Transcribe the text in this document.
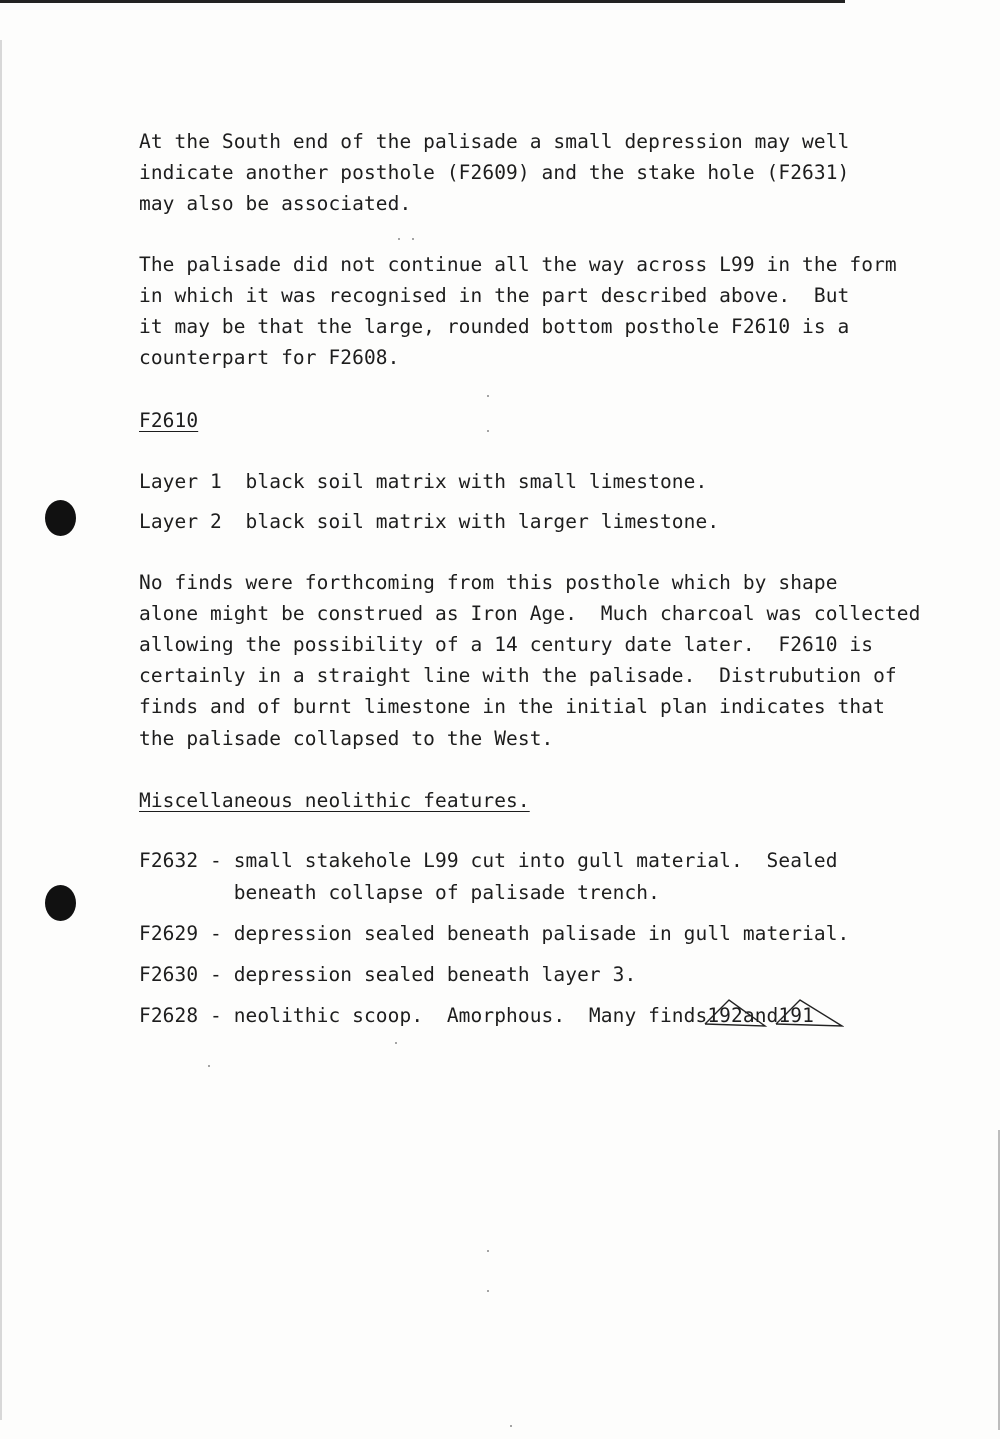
At the South end of the palisade a small depression may well
indicate another posthole (F2609) and the stake hole (F2631)
may also be associated.
The palisade did not continue all the way across L99 in the form
in which it was recognised in the part described above.  But
it may be that the large, rounded bottom posthole F2610 is a
counterpart for F2608.
F2610
Layer 1  black soil matrix with small limestone.
Layer 2  black soil matrix with larger limestone.
No finds were forthcoming from this posthole which by shape
alone might be construed as Iron Age.  Much charcoal was collected
allowing the possibility of a 14 century date later.  F2610 is
certainly in a straight line with the palisade.  Distrubution of
finds and of burnt limestone in the initial plan indicates that
the palisade collapsed to the West.
Miscellaneous neolithic features.
F2632 - small stakehole L99 cut into gull material.  Sealed
beneath collapse of palisade trench.
F2629 - depression sealed beneath palisade in gull material.
F2630 - depression sealed beneath layer 3.
F2628 - neolithic scoop.  Amorphous.  Many finds
192and
191
